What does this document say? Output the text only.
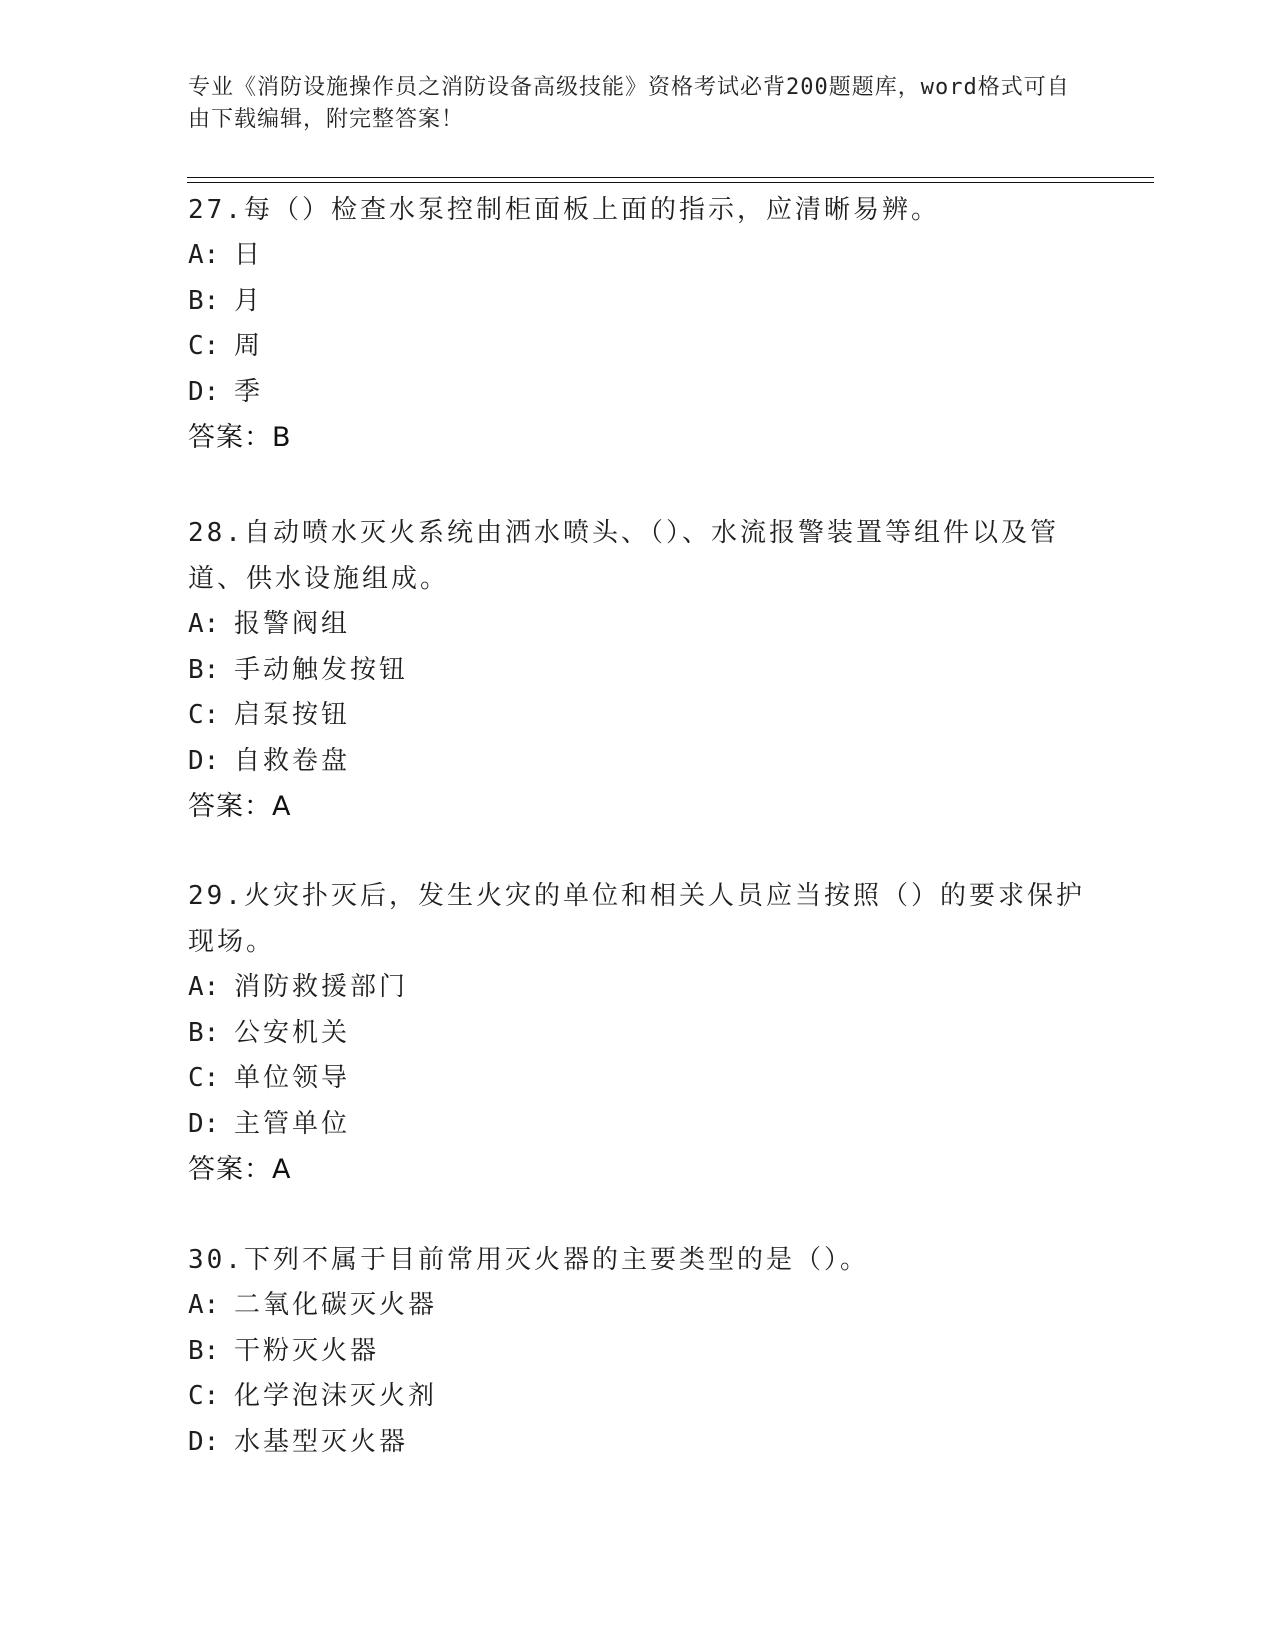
专业《消防设施操作员之消防设备高级技能》资格考试必背200题题库，word格式可自由下载编辑，附完整答案！
27.每（）检查水泵控制柜面板上面的指示，应清晰易辨。
A: 日
B: 月
C: 周
D: 季
答案：B
28.自动喷水灭火系统由洒水喷头、（）、水流报警装置等组件以及管道、供水设施组成。
A: 报警阀组
B: 手动触发按钮
C: 启泵按钮
D: 自救卷盘
答案：A
29.火灾扑灭后，发生火灾的单位和相关人员应当按照（）的要求保护现场。
A: 消防救援部门
B: 公安机关
C: 单位领导
D: 主管单位
答案：A
30.下列不属于目前常用灭火器的主要类型的是（）。
A: 二氧化碳灭火器
B: 干粉灭火器
C: 化学泡沫灭火剂
D: 水基型灭火器
